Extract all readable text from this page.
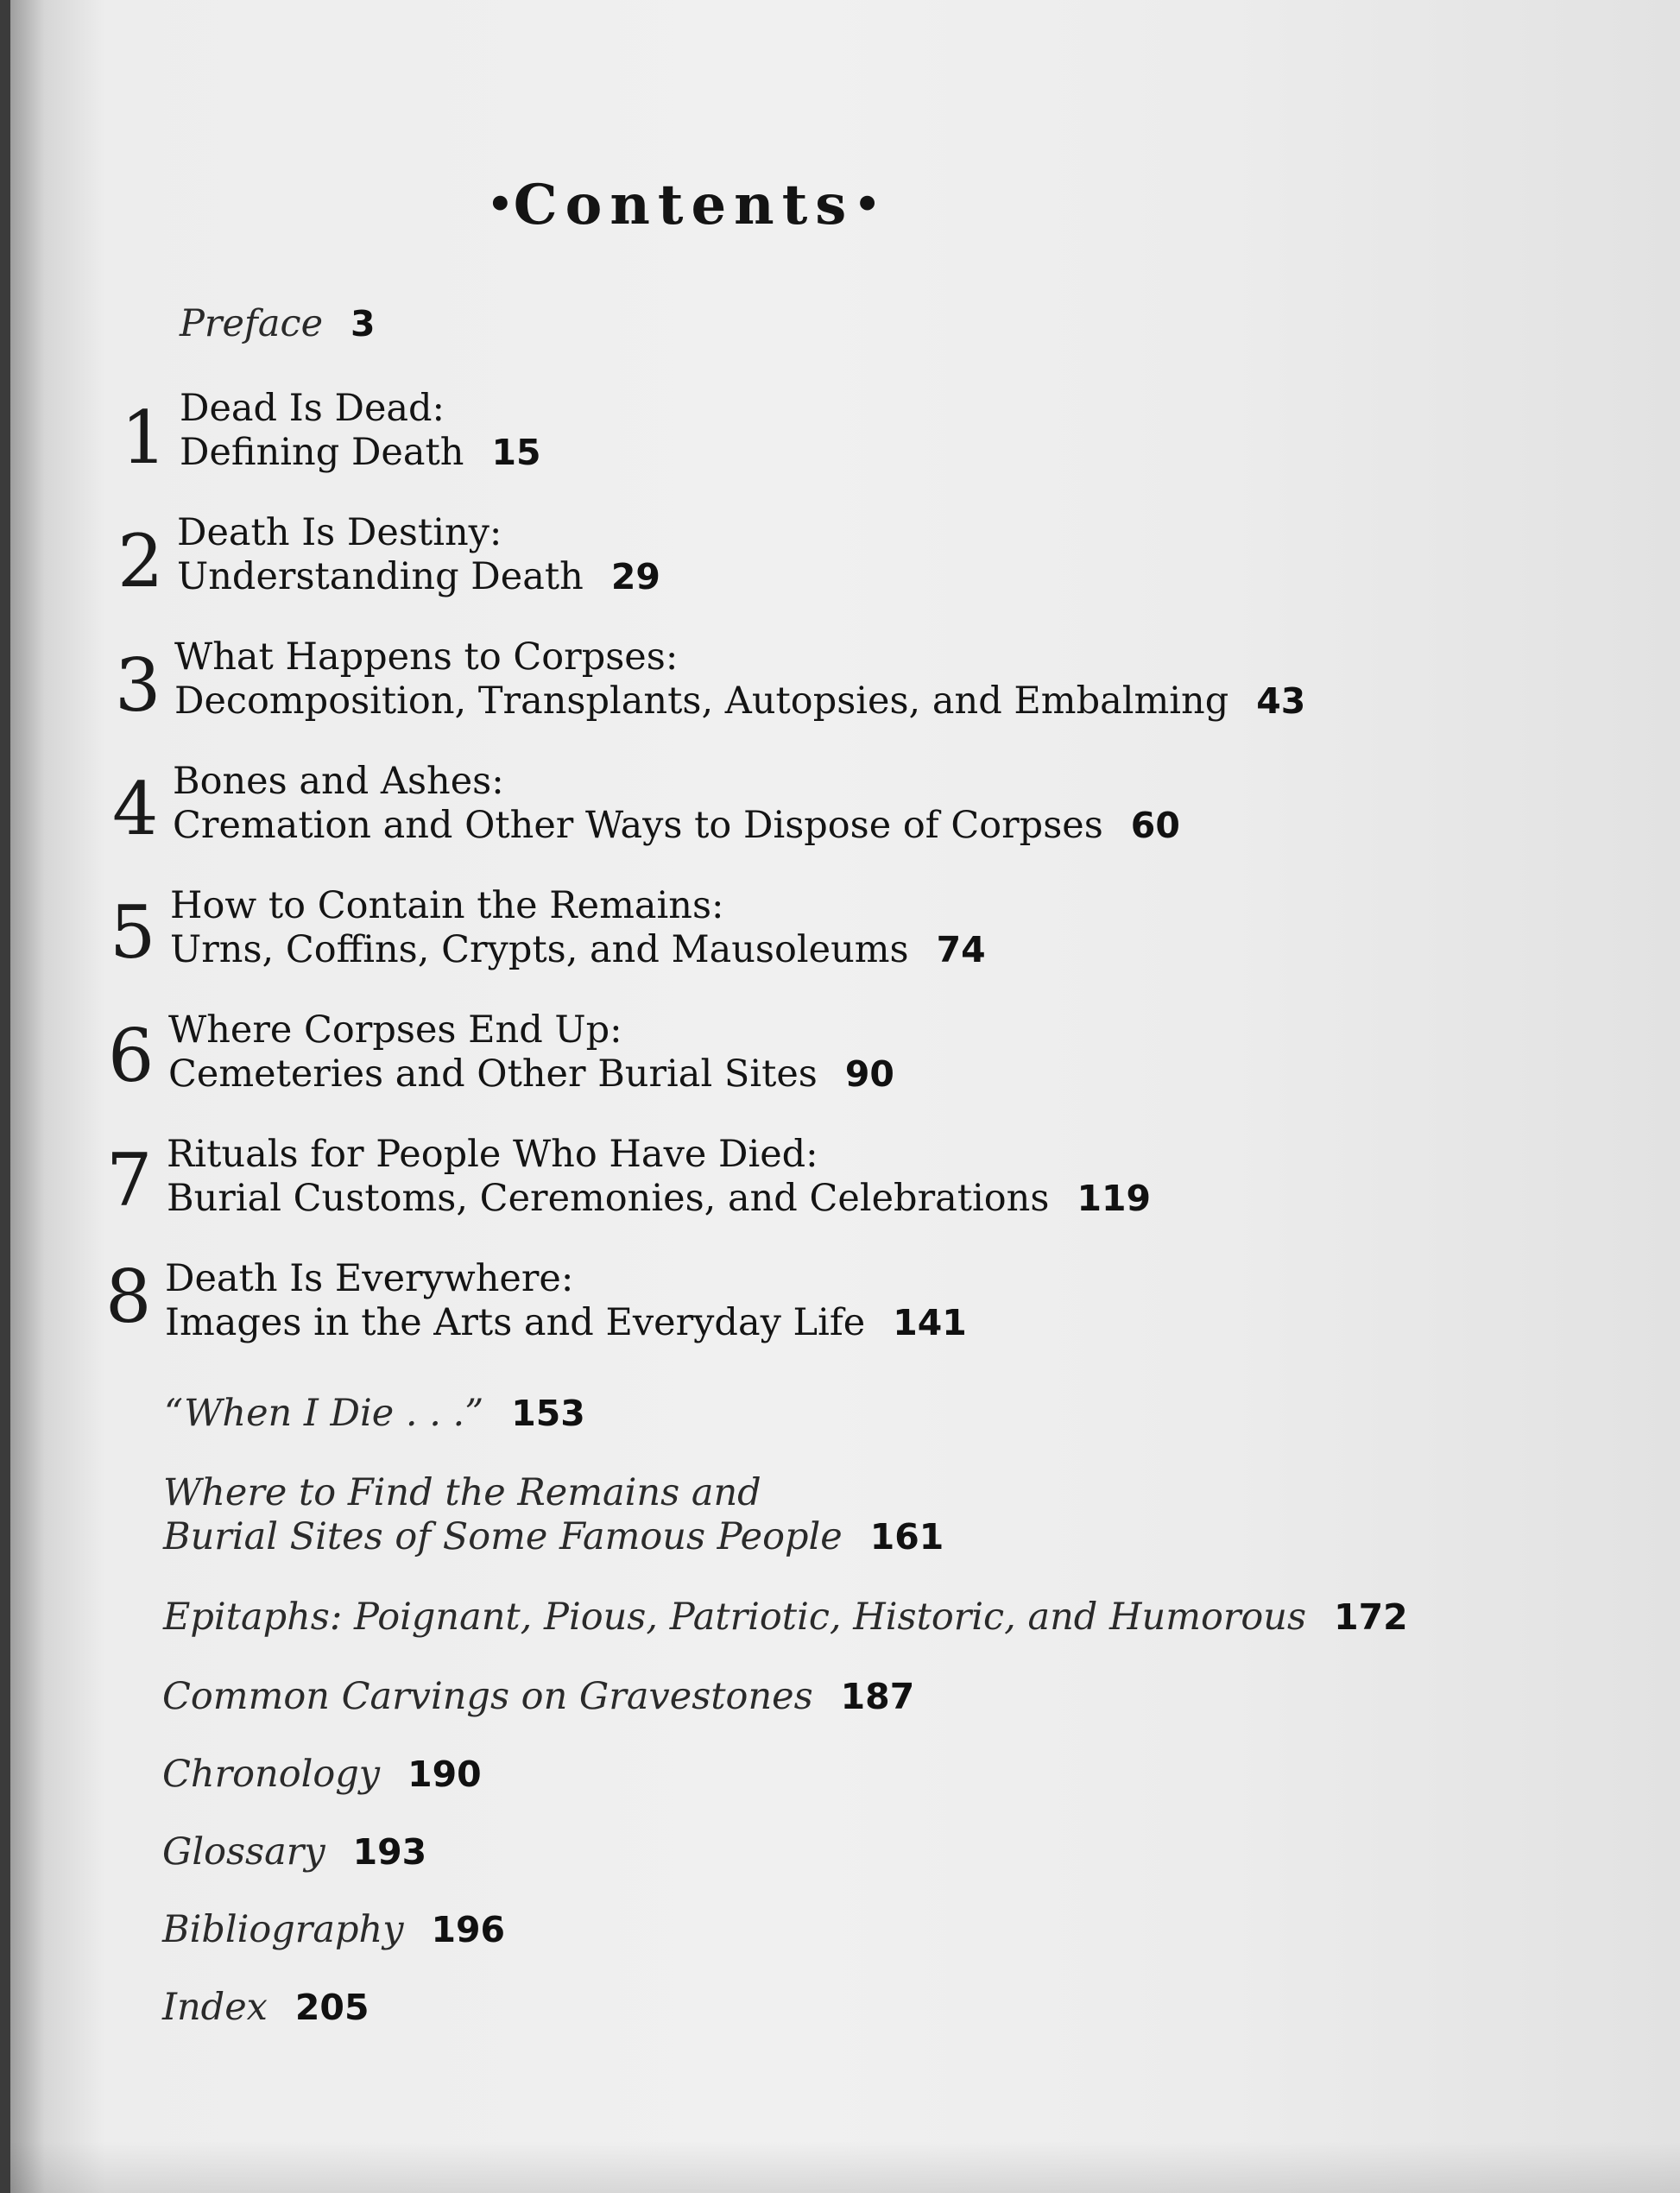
•Contents•
Preface 3
1 Dead Is Dead:
Defining Death 15
2 Death Is Destiny:
Understanding Death 29
3 What Happens to Corpses:
Decomposition, Transplants, Autopsies, and Embalming 43
4 Bones and Ashes:
Cremation and Other Ways to Dispose of Corpses 60
5 How to Contain the Remains:
Urns, Coffins, Crypts, and Mausoleums 74
6 Where Corpses End Up:
Cemeteries and Other Burial Sites 90
7 Rituals for People Who Have Died:
Burial Customs, Ceremonies, and Celebrations 119
8 Death Is Everywhere:
Images in the Arts and Everyday Life 141
“When I Die . . .” 153
Where to Find the Remains and
Burial Sites of Some Famous People 161
Epitaphs: Poignant, Pious, Patriotic, Historic, and Humorous 172
Common Carvings on Gravestones 187
Chronology 190
Glossary 193
Bibliography 196
Index 205
